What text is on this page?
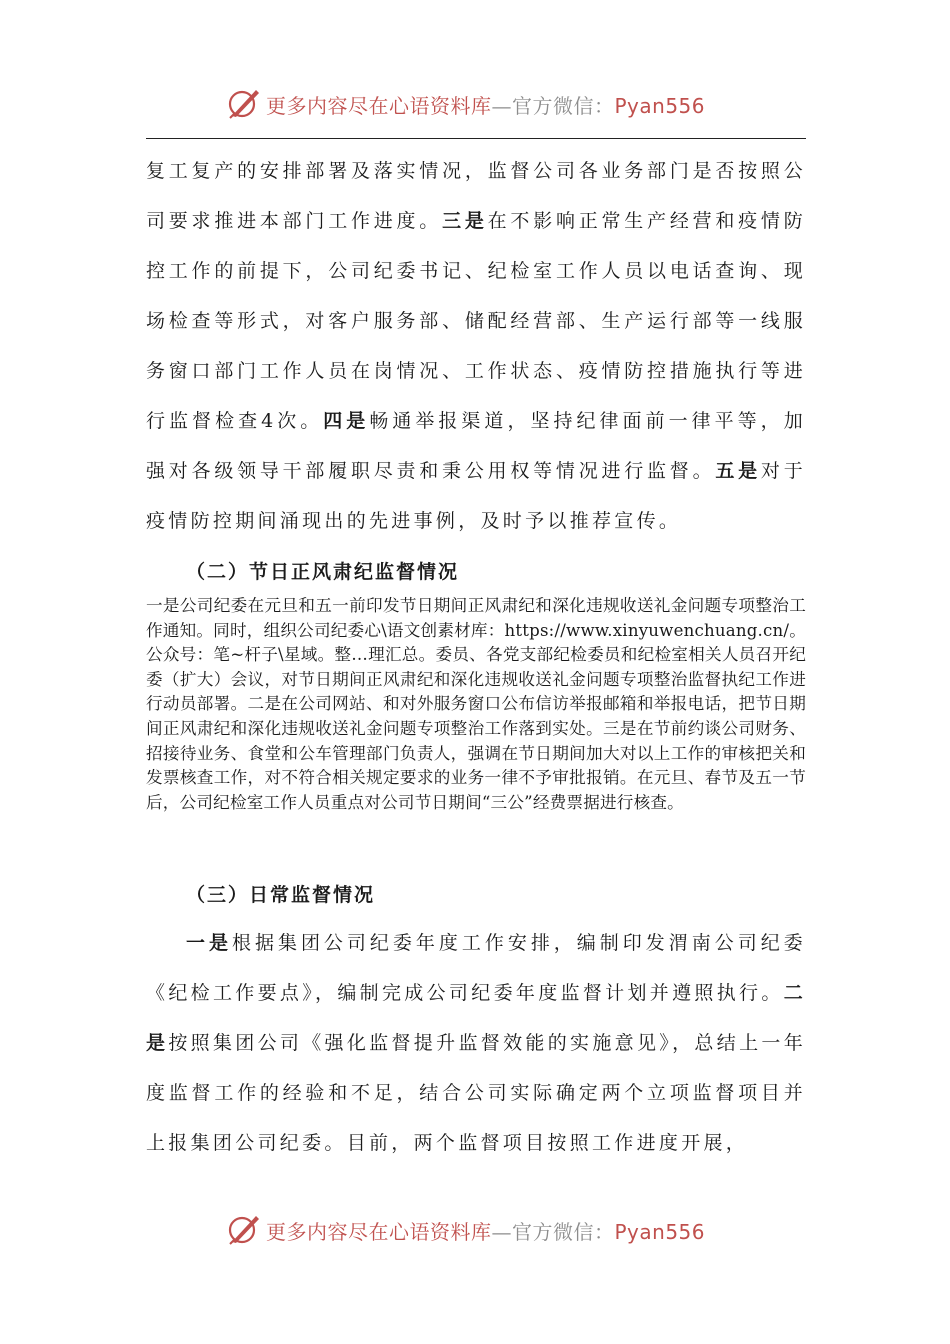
更多内容尽在心语资料库—官方微信：Pyan556

复工复产的安排部署及落实情况，监督公司各业务部门是否按照公司要求推进本部门工作进度。三是在不影响正常生产经营和疫情防控工作的前提下，公司纪委书记、纪检室工作人员以电话查询、现场检查等形式，对客户服务部、储配经营部、生产运行部等一线服务窗口部门工作人员在岗情况、工作状态、疫情防控措施执行等进行监督检查4次。四是畅通举报渠道，坚持纪律面前一律平等，加强对各级领导干部履职尽责和秉公用权等情况进行监督。五是对于疫情防控期间涌现出的先进事例，及时予以推荐宣传。

（二）节日正风肃纪监督情况

一是公司纪委在元旦和五一前印发节日期间正风肃纪和深化违规收送礼金问题专项整治工作通知。同时，组织公司纪委心\语文创素材库：https://www.xinyuwenchuang.cn/。公众号：笔~杆子\星域。整…理汇总。委员、各党支部纪检委员和纪检室相关人员召开纪委（扩大）会议，对节日期间正风肃纪和深化违规收送礼金问题专项整治监督执纪工作进行动员部署。二是在公司网站、和对外服务窗口公布信访举报邮箱和举报电话，把节日期间正风肃纪和深化违规收送礼金问题专项整治工作落到实处。三是在节前约谈公司财务、招接待业务、食堂和公车管理部门负责人，强调在节日期间加大对以上工作的审核把关和发票核查工作，对不符合相关规定要求的业务一律不予审批报销。在元旦、春节及五一节后，公司纪检室工作人员重点对公司节日期间“三公”经费票据进行核查。

（三）日常监督情况

一是根据集团公司纪委年度工作安排，编制印发渭南公司纪委《纪检工作要点》，编制完成公司纪委年度监督计划并遵照执行。二是按照集团公司《强化监督提升监督效能的实施意见》，总结上一年度监督工作的经验和不足，结合公司实际确定两个立项监督项目并上报集团公司纪委。目前，两个监督项目按照工作进度开展，

更多内容尽在心语资料库—官方微信：Pyan556
